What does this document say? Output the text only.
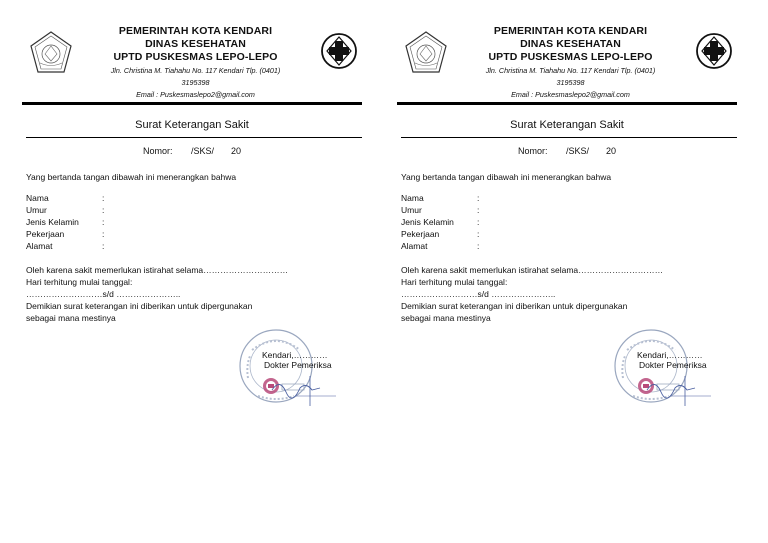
PEMERINTAH KOTA KENDARI
DINAS KESEHATAN
UPTD PUSKESMAS LEPO-LEPO
Jln. Christina M. Tiahahu No. 117 Kendari Tlp. (0401)
3195398
Email : Puskesmaslepo2@gmail.com
Surat Keterangan Sakit
Nomor: /SKS/ 20
Yang bertanda tangan dibawah ini menerangkan bahwa
Nama	:
Umur	:
Jenis Kelamin	:
Pekerjaan	:
Alamat	:
Oleh karena sakit memerlukan istirahat selama…………………………
Hari terhitung mulai tanggal:
………………………s/d …………………..
Demikian surat keterangan ini diberikan untuk dipergunakan
sebagai mana mestinya
Kendari,…………
Dokter Pemeriksa
PEMERINTAH KOTA KENDARI
DINAS KESEHATAN
UPTD PUSKESMAS LEPO-LEPO
Jln. Christina M. Tiahahu No. 117 Kendari Tlp. (0401)
3195398
Email : Puskesmaslepo2@gmail.com
Surat Keterangan Sakit
Nomor: /SKS/ 20
Yang bertanda tangan dibawah ini menerangkan bahwa
Nama	:
Umur	:
Jenis Kelamin	:
Pekerjaan	:
Alamat	:
Oleh karena sakit memerlukan istirahat selama…………………………
Hari terhitung mulai tanggal:
………………………s/d …………………..
Demikian surat keterangan ini diberikan untuk dipergunakan
sebagai mana mestinya
Kendari,…………
Dokter Pemeriksa
